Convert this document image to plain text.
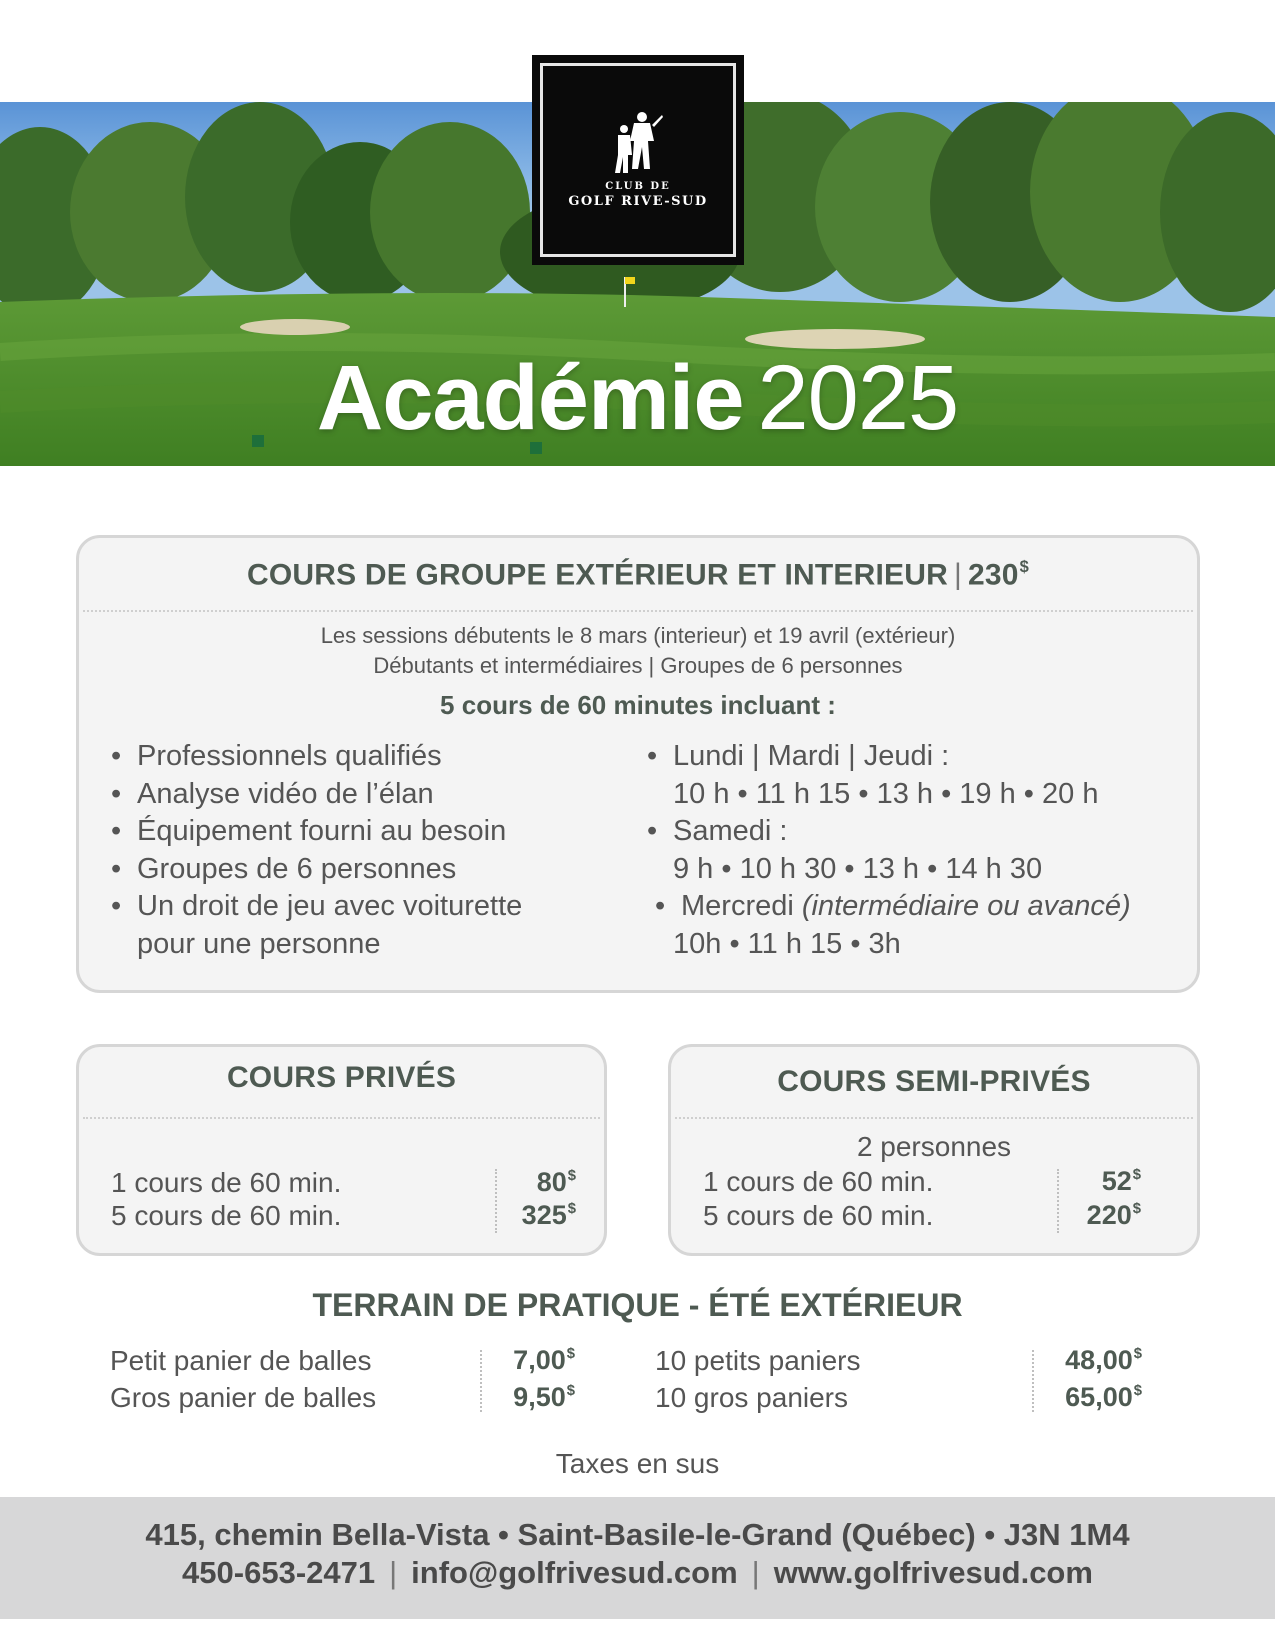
Académie 2025
CLUB DE
GOLF RIVE-SUD
COURS DE GROUPE EXTÉRIEUR ET INTERIEUR | 230$
Les sessions débutents le 8 mars (interieur) et 19 avril (extérieur)
Débutants et intermédiaires | Groupes de 6 personnes
5 cours de 60 minutes incluant :
• Professionnels qualifiés
• Analyse vidéo de l’élan
• Équipement fourni au besoin
• Groupes de 6 personnes
• Un droit de jeu avec voiturette
pour une personne
• Lundi | Mardi | Jeudi :
10 h • 11 h 15 • 13 h • 19 h • 20 h
• Samedi :
9 h • 10 h 30 • 13 h • 14 h 30
• Mercredi (intermédiaire ou avancé)
10h • 11 h 15 • 3h
COURS PRIVÉS
1 cours de 60 min.
5 cours de 60 min.
80$
325$
COURS SEMI-PRIVÉS
2 personnes
1 cours de 60 min.
5 cours de 60 min.
52$
220$
TERRAIN DE PRATIQUE - ÉTÉ EXTÉRIEUR
Petit panier de balles
Gros panier de balles
7,00$
9,50$
10 petits paniers
10 gros paniers
48,00$
65,00$
Taxes en sus
415, chemin Bella-Vista • Saint-Basile-le-Grand (Québec) • J3N 1M4
450-653-2471 | info@golfrivesud.com | www.golfrivesud.com
